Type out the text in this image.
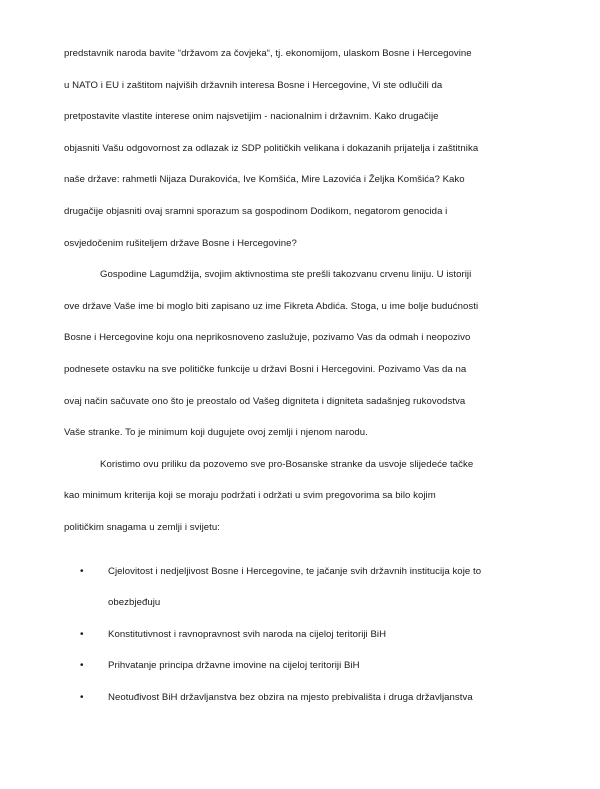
predstavnik naroda bavite “državom za čovjeka“, tj. ekonomijom, ulaskom Bosne i Hercegovine
u NATO i EU i zaštitom najviših državnih interesa Bosne i Hercegovine, Vi ste odlučili da
pretpostavite vlastite interese onim najsvetijim - nacionalnim i državnim. Kako drugačije
objasniti Vašu odgovornost za odlazak iz SDP političkih velikana i dokazanih prijatelja i zaštitnika
naše države: rahmetli Nijaza Durakovića, Ive Komšića, Mire Lazovića i Željka Komšića? Kako
drugačije objasniti ovaj sramni sporazum sa gospodinom Dodikom, negatorom genocida i
osvjedočenim rušiteljem države Bosne i Hercegovine?

Gospodine Lagumdžija, svojim aktivnostima ste prešli takozvanu crvenu liniju. U istoriji
ove države Vaše ime bi moglo biti zapisano uz ime Fikreta Abdića. Stoga, u ime bolje budućnosti
Bosne i Hercegovine koju ona neprikosnoveno zaslužuje, pozivamo Vas da odmah i neopozivo
podnesete ostavku na sve političke funkcije u državi Bosni i Hercegovini. Pozivamo Vas da na
ovaj način sačuvate ono što je preostalo od Vašeg digniteta i digniteta sadašnjeg rukovodstva
Vaše stranke. To je minimum koji dugujete ovoj zemlji i njenom narodu.

Koristimo ovu priliku da pozovemo sve pro-Bosanske stranke da usvoje slijedeće tačke
kao minimum kriterija koji se moraju podržati i održati u svim pregovorima sa bilo kojim
političkim snagama u zemlji i svijetu:

•	Cjelovitost i nedjeljivost Bosne i Hercegovine, te jačanje svih državnih institucija koje to
obezbjeđuju
•	Konstitutivnost i ravnopravnost svih naroda na cijeloj teritoriji BiH
•	Prihvatanje principa državne imovine na cijeloj teritoriji BiH
•	Neotuđivost BiH državljanstva bez obzira na mjesto prebivališta i druga državljanstva
